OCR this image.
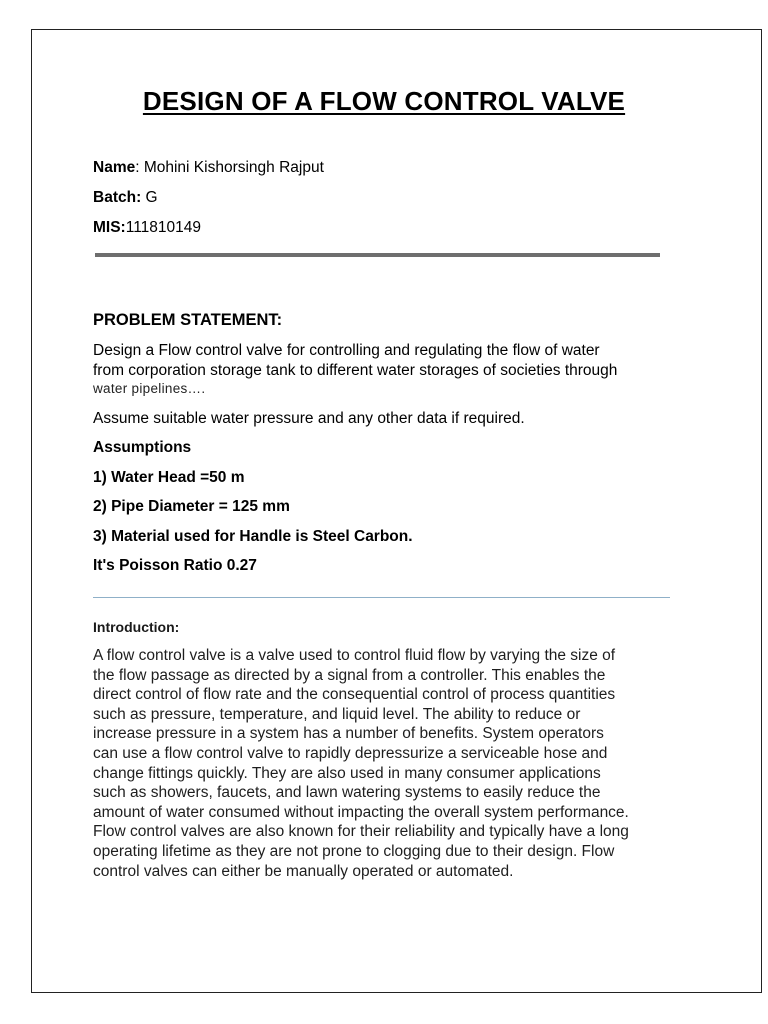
DESIGN OF A FLOW CONTROL VALVE
Name: Mohini Kishorsingh Rajput
Batch: G
MIS:111810149
PROBLEM STATEMENT:
Design a Flow control valve for controlling and regulating the flow of water
from corporation storage tank to different water storages of societies through
water pipelines….
Assume suitable water pressure and any other data if required.
Assumptions
1) Water Head =50 m
2) Pipe Diameter = 125 mm
3) Material used for Handle is Steel Carbon.
It's Poisson Ratio 0.27
Introduction:
A flow control valve is a valve used to control fluid flow by varying the size of
the flow passage as directed by a signal from a controller. This enables the
direct control of flow rate and the consequential control of process quantities
such as pressure, temperature, and liquid level. The ability to reduce or
increase pressure in a system has a number of benefits. System operators
can use a flow control valve to rapidly depressurize a serviceable hose and
change fittings quickly. They are also used in many consumer applications
such as showers, faucets, and lawn watering systems to easily reduce the
amount of water consumed without impacting the overall system performance.
Flow control valves are also known for their reliability and typically have a long
operating lifetime as they are not prone to clogging due to their design. Flow
control valves can either be manually operated or automated.
